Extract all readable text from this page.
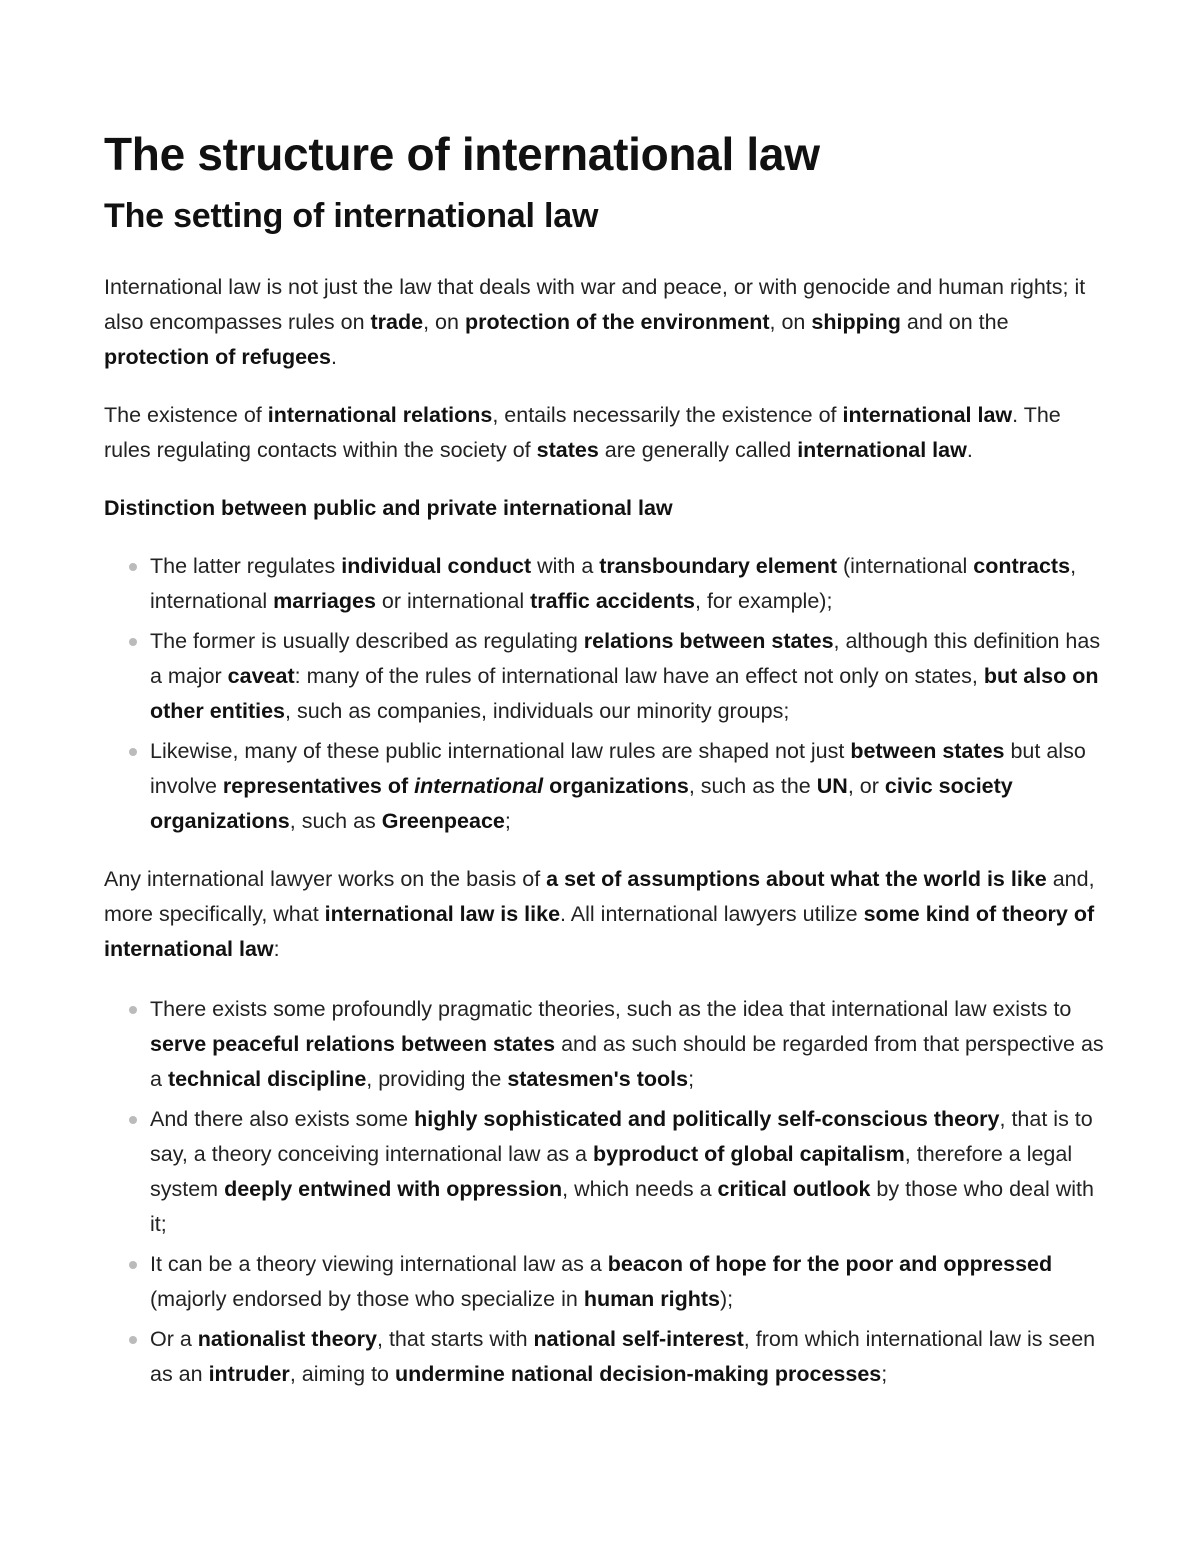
The structure of international law
The setting of international law

International law is not just the law that deals with war and peace, or with genocide and human rights; it also encompasses rules on trade, on protection of the environment, on shipping and on the protection of refugees.

The existence of international relations, entails necessarily the existence of international law. The rules regulating contacts within the society of states are generally called international law.

Distinction between public and private international law
The latter regulates individual conduct with a transboundary element (international contracts, international marriages or international traffic accidents, for example);
The former is usually described as regulating relations between states, although this definition has a major caveat: many of the rules of international law have an effect not only on states, but also on other entities, such as companies, individuals our minority groups;
Likewise, many of these public international law rules are shaped not just between states but also involve representatives of international organizations, such as the UN, or civic society organizations, such as Greenpeace;

Any international lawyer works on the basis of a set of assumptions about what the world is like and, more specifically, what international law is like. All international lawyers utilize some kind of theory of international law:

There exists some profoundly pragmatic theories, such as the idea that international law exists to serve peaceful relations between states and as such should be regarded from that perspective as a technical discipline, providing the statesmen's tools;
And there also exists some highly sophisticated and politically self-conscious theory, that is to say, a theory conceiving international law as a byproduct of global capitalism, therefore a legal system deeply entwined with oppression, which needs a critical outlook by those who deal with it;
It can be a theory viewing international law as a beacon of hope for the poor and oppressed (majorly endorsed by those who specialize in human rights);
Or a nationalist theory, that starts with national self-interest, from which international law is seen as an intruder, aiming to undermine national decision-making processes;
